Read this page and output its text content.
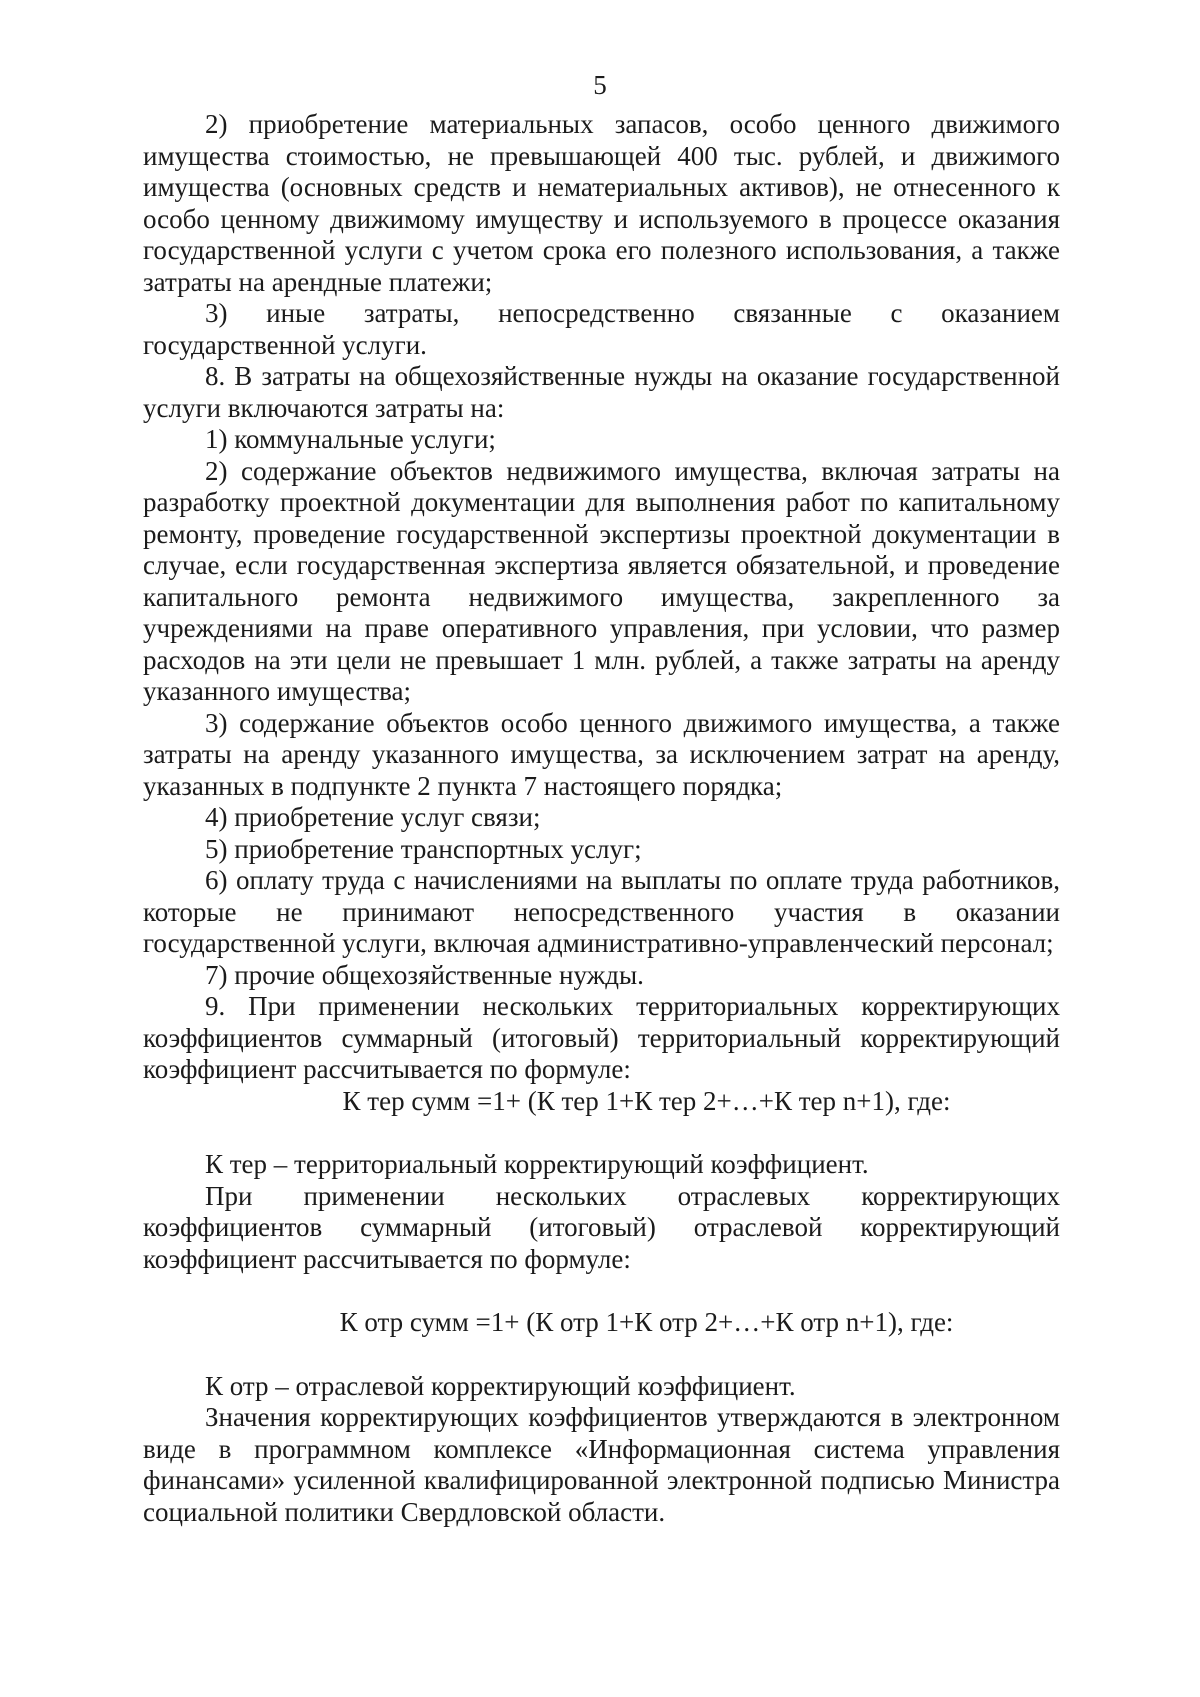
5

2) приобретение материальных запасов, особо ценного движимого имущества стоимостью, не превышающей 400 тыс. рублей, и движимого имущества (основных средств и нематериальных активов), не отнесенного к особо ценному движимому имуществу и используемого в процессе оказания государственной услуги с учетом срока его полезного использования, а также затраты на арендные платежи;

3) иные затраты, непосредственно связанные с оказанием государственной услуги.

8. В затраты на общехозяйственные нужды на оказание государственной услуги включаются затраты на:

1) коммунальные услуги;

2) содержание объектов недвижимого имущества, включая затраты на разработку проектной документации для выполнения работ по капитальному ремонту, проведение государственной экспертизы проектной документации в случае, если государственная экспертиза является обязательной, и проведение капитального ремонта недвижимого имущества, закрепленного за учреждениями на праве оперативного управления, при условии, что размер расходов на эти цели не превышает 1 млн. рублей, а также затраты на аренду указанного имущества;

3) содержание объектов особо ценного движимого имущества, а также затраты на аренду указанного имущества, за исключением затрат на аренду, указанных в подпункте 2 пункта 7 настоящего порядка;

4) приобретение услуг связи;

5) приобретение транспортных услуг;

6) оплату труда с начислениями на выплаты по оплате труда работников, которые не принимают непосредственного участия в оказании государственной услуги, включая административно-управленческий персонал;

7) прочие общехозяйственные нужды.

9. При применении нескольких территориальных корректирующих коэффициентов суммарный (итоговый) территориальный корректирующий коэффициент рассчитывается по формуле:

К тер сумм =1+ (К тер 1+К тер 2+…+К тер n+1), где:

К тер – территориальный корректирующий коэффициент.

При применении нескольких отраслевых корректирующих коэффициентов суммарный (итоговый) отраслевой корректирующий коэффициент рассчитывается по формуле:

К отр сумм =1+ (К отр 1+К отр 2+…+К отр n+1), где:

К отр – отраслевой корректирующий коэффициент.

Значения корректирующих коэффициентов утверждаются в электронном виде в программном комплексе «Информационная система управления финансами» усиленной квалифицированной электронной подписью Министра социальной политики Свердловской области.
